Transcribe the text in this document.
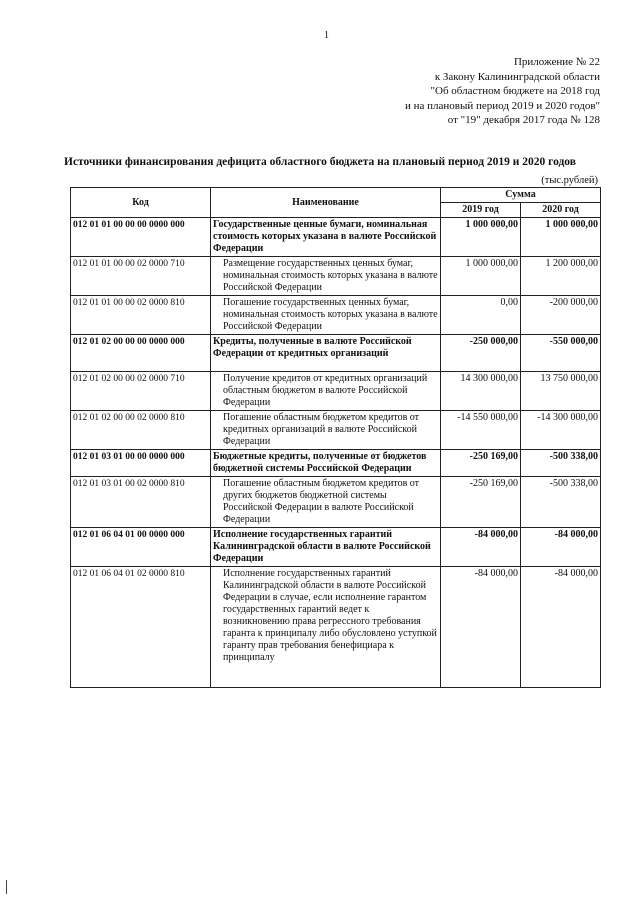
1
Приложение № 22
к Закону Калининградской области
"Об областном бюджете на 2018 год
и на плановый период 2019 и 2020 годов"
от "19" декабря 2017 года № 128
Источники финансирования дефицита областного бюджета на плановый период 2019 и 2020 годов
(тыс.рублей)
Код	Наименование	Сумма	
		2019 год	2020 год
012 01 01 00 00 00 0000 000	Государственные ценные бумаги, номинальная стоимость которых указана в валюте Российской Федерации	1 000 000,00	1 000 000,00
012 01 01 00 00 02 0000 710	Размещение государственных ценных бумаг, номинальная стоимость которых указана в валюте Российской Федерации	1 000 000,00	1 200 000,00
012 01 01 00 00 02 0000 810	Погашение государственных ценных бумаг, номинальная стоимость которых указана в валюте Российской Федерации	0,00	-200 000,00
012 01 02 00 00 00 0000 000	Кредиты, полученные в валюте Российской Федерации от кредитных организаций	-250 000,00	-550 000,00
012 01 02 00 00 02 0000 710	Получение кредитов от кредитных организаций областным бюджетом в валюте Российской Федерации	14 300 000,00	13 750 000,00
012 01 02 00 00 02 0000 810	Погашение областным бюджетом кредитов от кредитных организаций в валюте Российской Федерации	-14 550 000,00	-14 300 000,00
012 01 03 01 00 00 0000 000	Бюджетные кредиты, полученные от бюджетов бюджетной системы Российской Федерации	-250 169,00	-500 338,00
012 01 03 01 00 02 0000 810	Погашение областным бюджетом кредитов от других бюджетов бюджетной системы Российской Федерации в валюте Российской Федерации	-250 169,00	-500 338,00
012 01 06 04 01 00 0000 000	Исполнение государственных гарантий Калининградской области в валюте Российской Федерации	-84 000,00	-84 000,00
012 01 06 04 01 02 0000 810	Исполнение государственных гарантий Калининградской области в валюте Российской Федерации в случае, если исполнение гарантом государственных гарантий ведет к возникновению права регрессного требования гаранта к принципалу либо обусловлено уступкой гаранту прав требования бенефициара к принципалу	-84 000,00	-84 000,00
